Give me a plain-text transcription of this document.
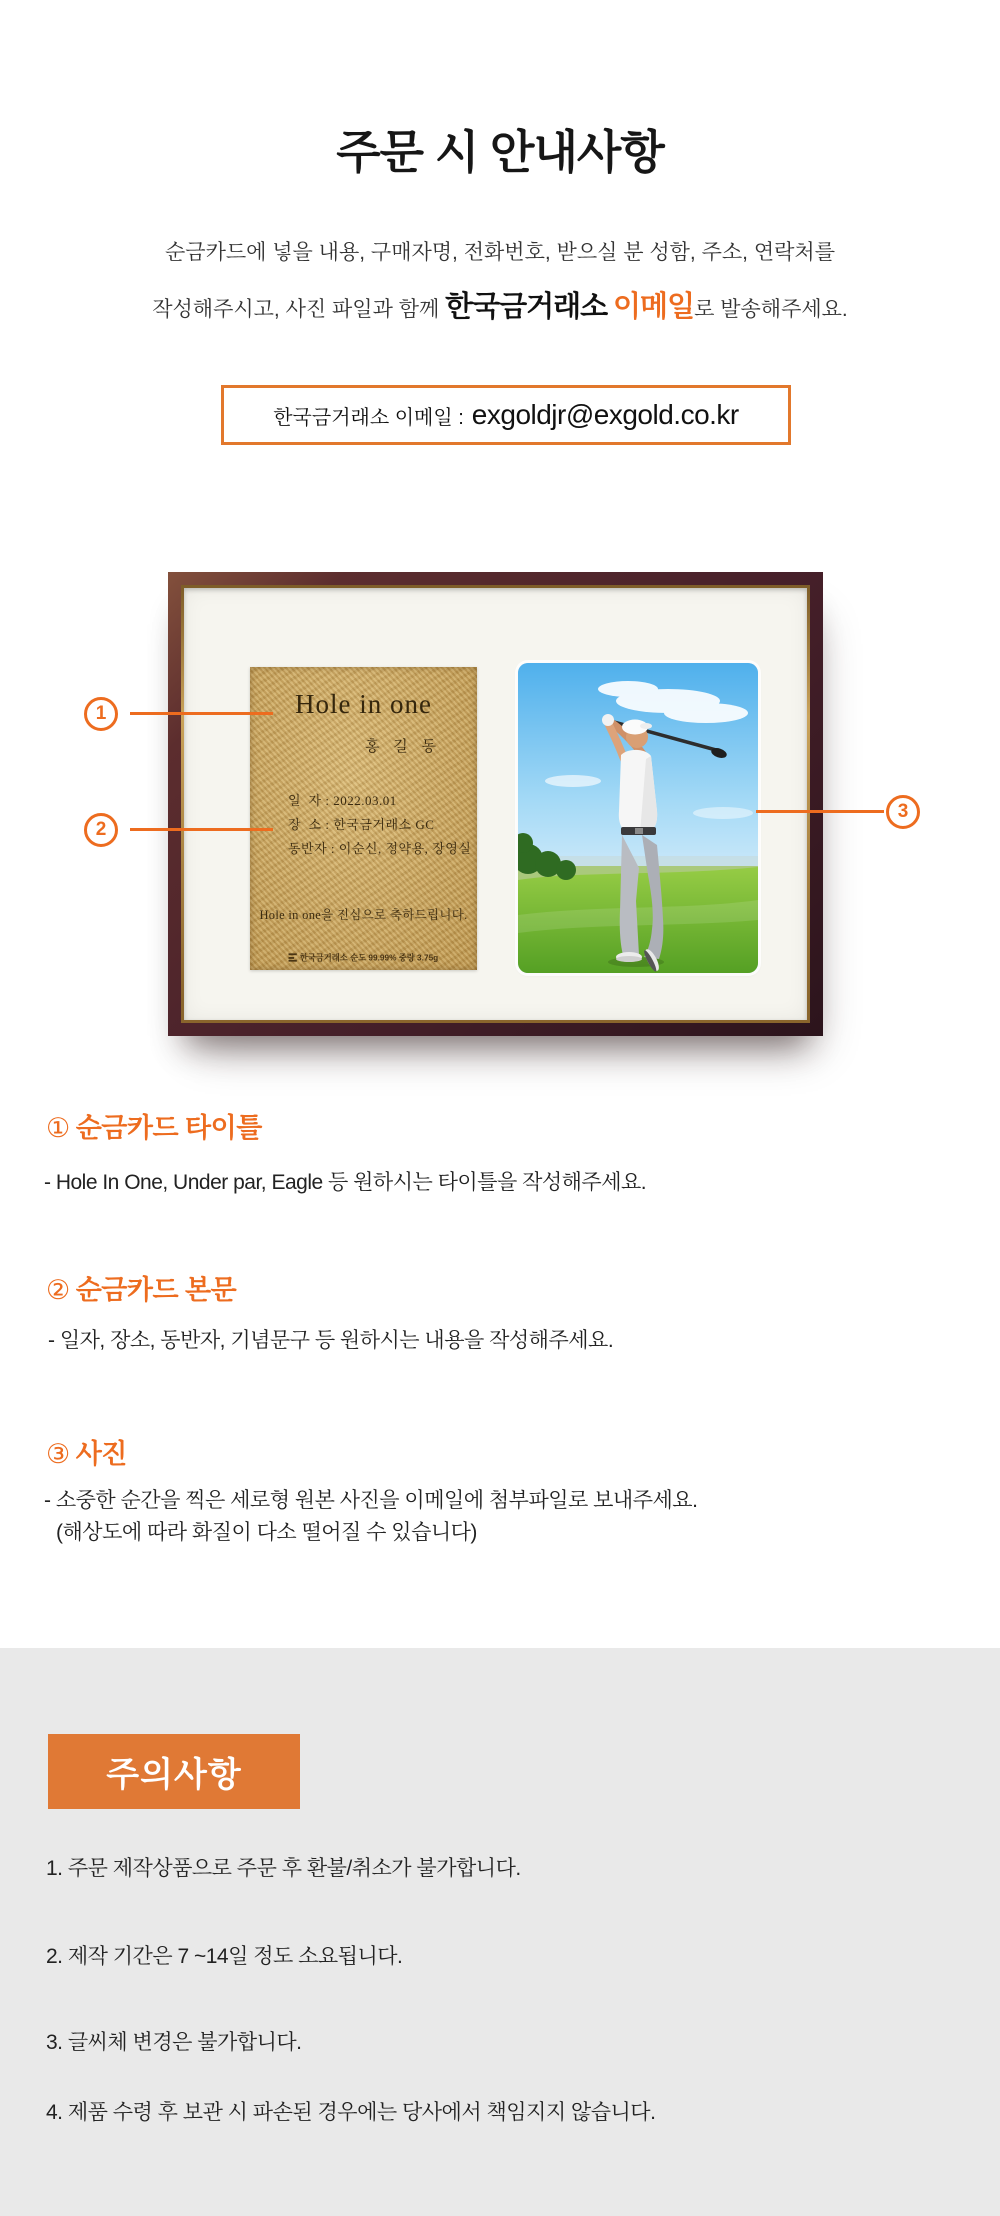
주문 시 안내사항

순금카드에 넣을 내용, 구매자명, 전화번호, 받으실 분 성함, 주소, 연락처를

작성해주시고, 사진 파일과 함께 한국금거래소 이메일로 발송해주세요.

한국금거래소 이메일 : exgoldjr@exgold.co.kr
Hole in one
홍 길 동
일  자 : 2022.03.01
장  소 : 한국금거래소 GC
동반자 : 이순신, 정약용, 장영실
Hole in one을 진심으로 축하드립니다.
한국금거래소 순도 99.99% 중량 3.75g
1
2
3
① 순금카드 타이틀

- Hole In One, Under par, Eagle 등 원하시는 타이틀을 작성해주세요.

② 순금카드 본문

- 일자, 장소, 동반자, 기념문구 등 원하시는 내용을 작성해주세요.

③ 사진

- 소중한 순간을 찍은 세로형 원본 사진을 이메일에 첨부파일로 보내주세요.

(해상도에 따라 화질이 다소 떨어질 수 있습니다)

주의사항

1. 주문 제작상품으로 주문 후 환불/취소가 불가합니다.

2. 제작 기간은 7 ~14일 정도 소요됩니다.

3. 글씨체 변경은 불가합니다.

4. 제품 수령 후 보관 시 파손된 경우에는 당사에서 책임지지 않습니다.
